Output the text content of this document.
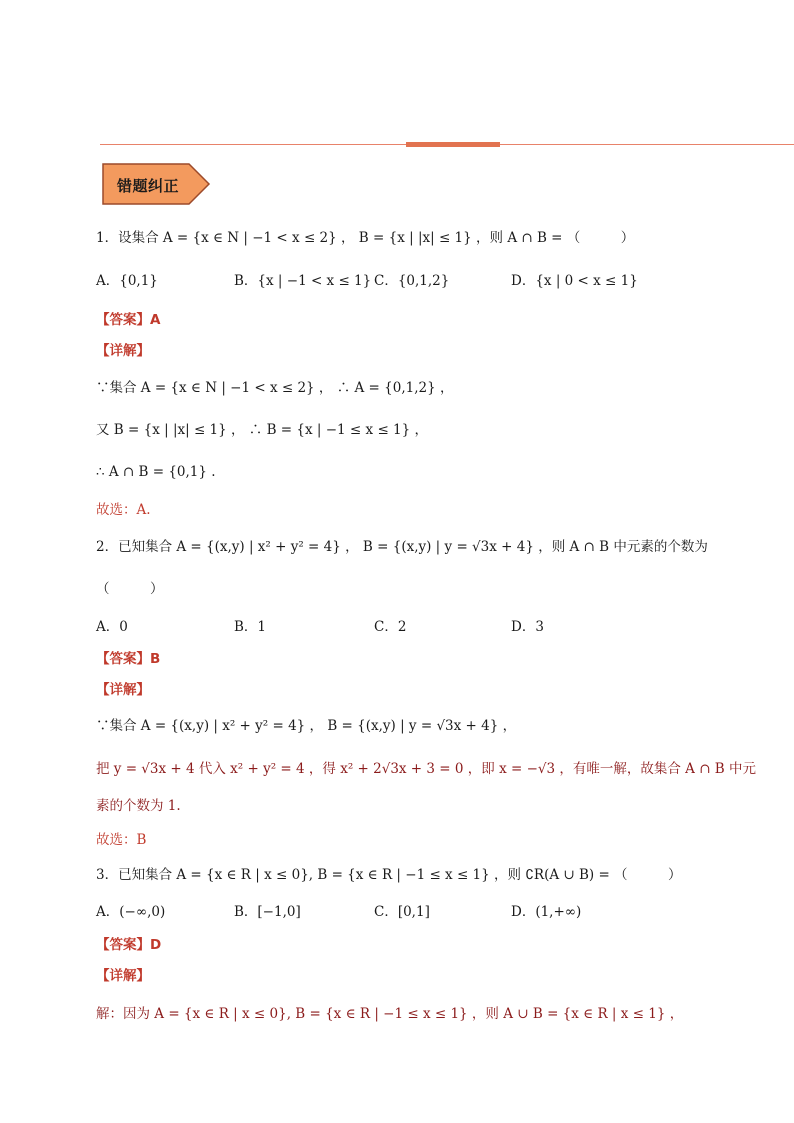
错题纠正
1．设集合 A = {x ∈ N | −1 < x ≤ 2} ， B = {x | |x| ≤ 1} ，则 A ∩ B = （　　　）
A．{0,1}	B．{x | −1 < x ≤ 1} C．{0,1,2}	D．{x | 0 < x ≤ 1}
【答案】A
【详解】
∵集合 A = {x ∈ N | −1 < x ≤ 2} ， ∴ A = {0,1,2} ，
又 B = {x | |x| ≤ 1} ， ∴ B = {x | −1 ≤ x ≤ 1} ，
∴ A ∩ B = {0,1} .
故选：A.
2．已知集合 A = {(x,y) | x² + y² = 4} ， B = {(x,y) | y = √3x + 4} ，则 A ∩ B 中元素的个数为
（　　　）
A．0	B．1	C．2	D．3
【答案】B
【详解】
∵集合 A = {(x,y) | x² + y² = 4} ， B = {(x,y) | y = √3x + 4} ，
把 y = √3x + 4 代入 x² + y² = 4 ，得 x² + 2√3x + 3 = 0 ，即 x = −√3 ，有唯一解，故集合 A ∩ B 中元
素的个数为 1.
故选：B
3．已知集合 A = {x ∈ R | x ≤ 0}, B = {x ∈ R | −1 ≤ x ≤ 1} ，则 ∁R(A ∪ B) = （　　　）
A．(−∞,0)	B．[−1,0]	C．[0,1]	D．(1,+∞)
【答案】D
【详解】
解：因为 A = {x ∈ R | x ≤ 0}, B = {x ∈ R | −1 ≤ x ≤ 1} ，则 A ∪ B = {x ∈ R | x ≤ 1} ，
